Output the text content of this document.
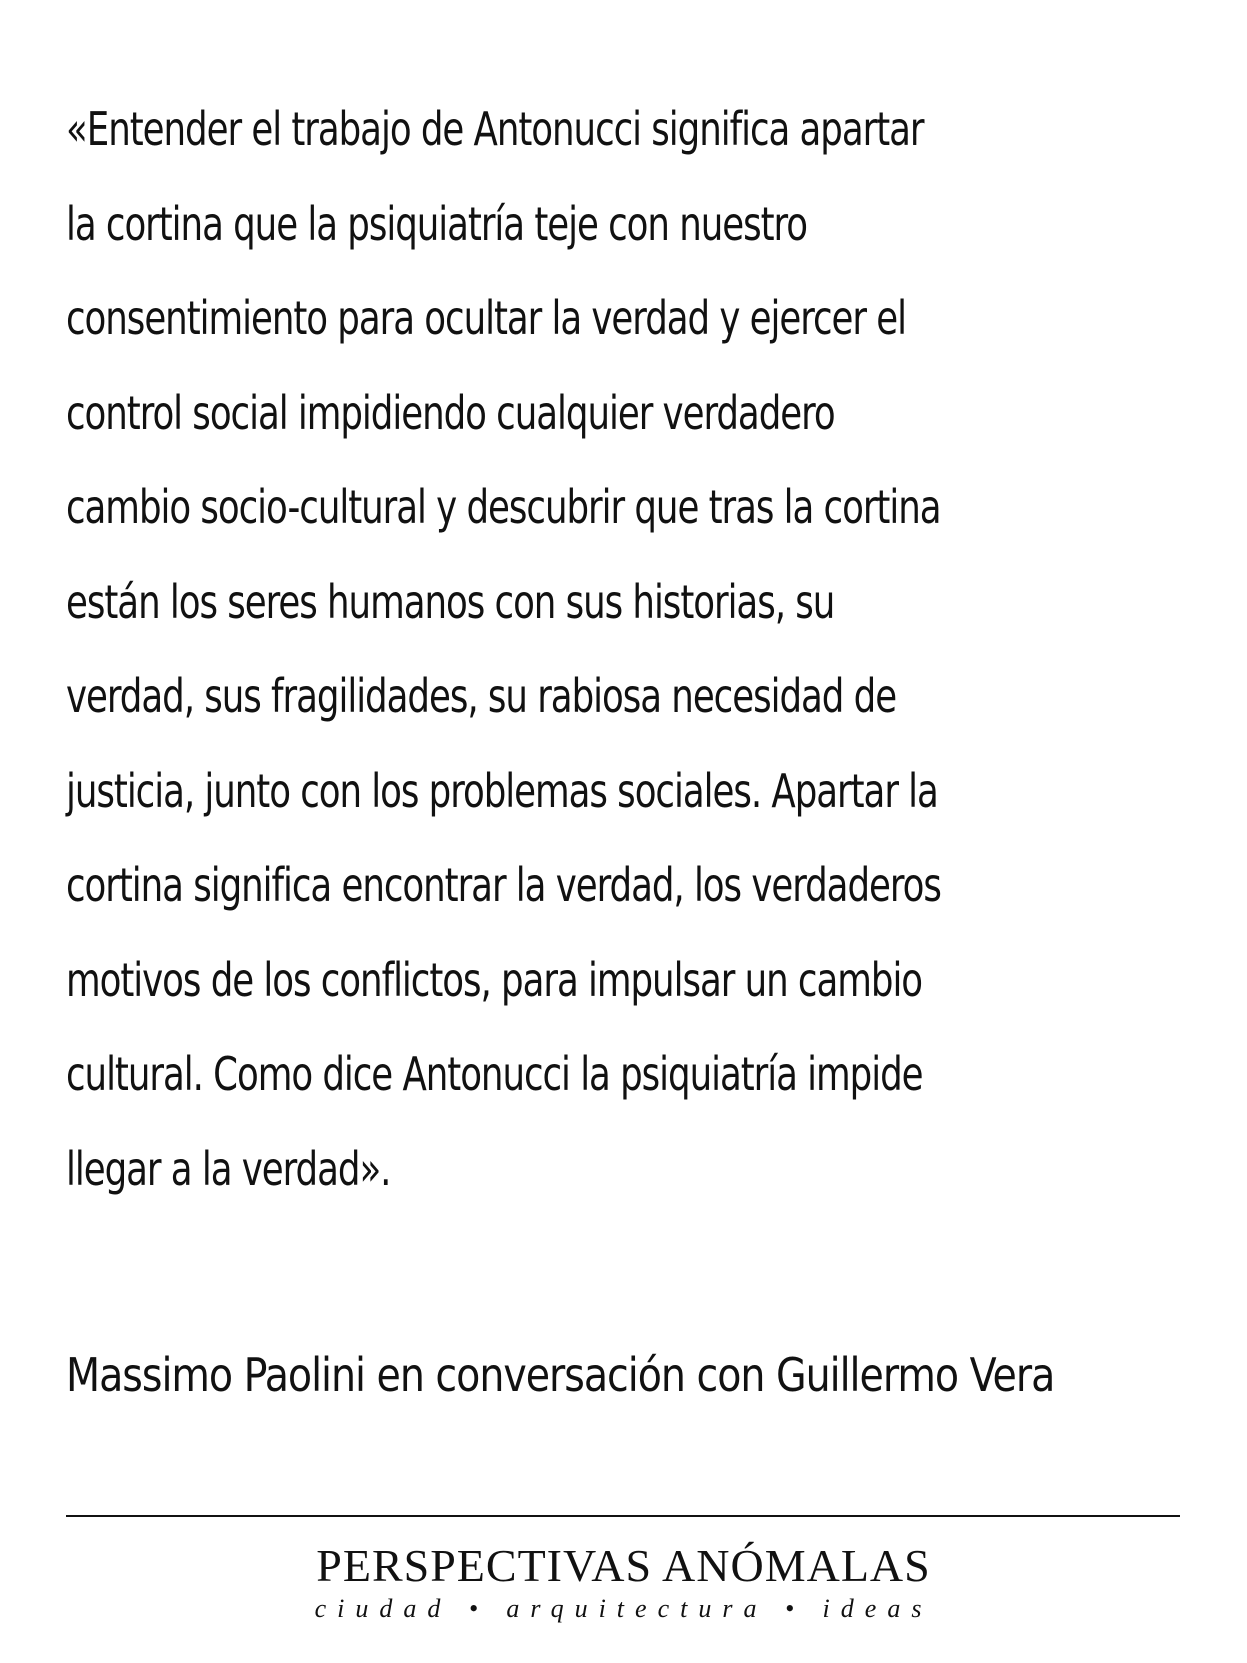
«Entender el trabajo de Antonucci significa apartar
la cortina que la psiquiatría teje con nuestro
consentimiento para ocultar la verdad y ejercer el
control social impidiendo cualquier verdadero
cambio socio-cultural y descubrir que tras la cortina
están los seres humanos con sus historias, su
verdad, sus fragilidades, su rabiosa necesidad de
justicia, junto con los problemas sociales. Apartar la
cortina significa encontrar la verdad, los verdaderos
motivos de los conflictos, para impulsar un cambio
cultural. Como dice Antonucci la psiquiatría impide
llegar a la verdad».
Massimo Paolini en conversación con Guillermo Vera
PERSPECTIVAS ANÓMALAS
ciudad • arquitectura • ideas
